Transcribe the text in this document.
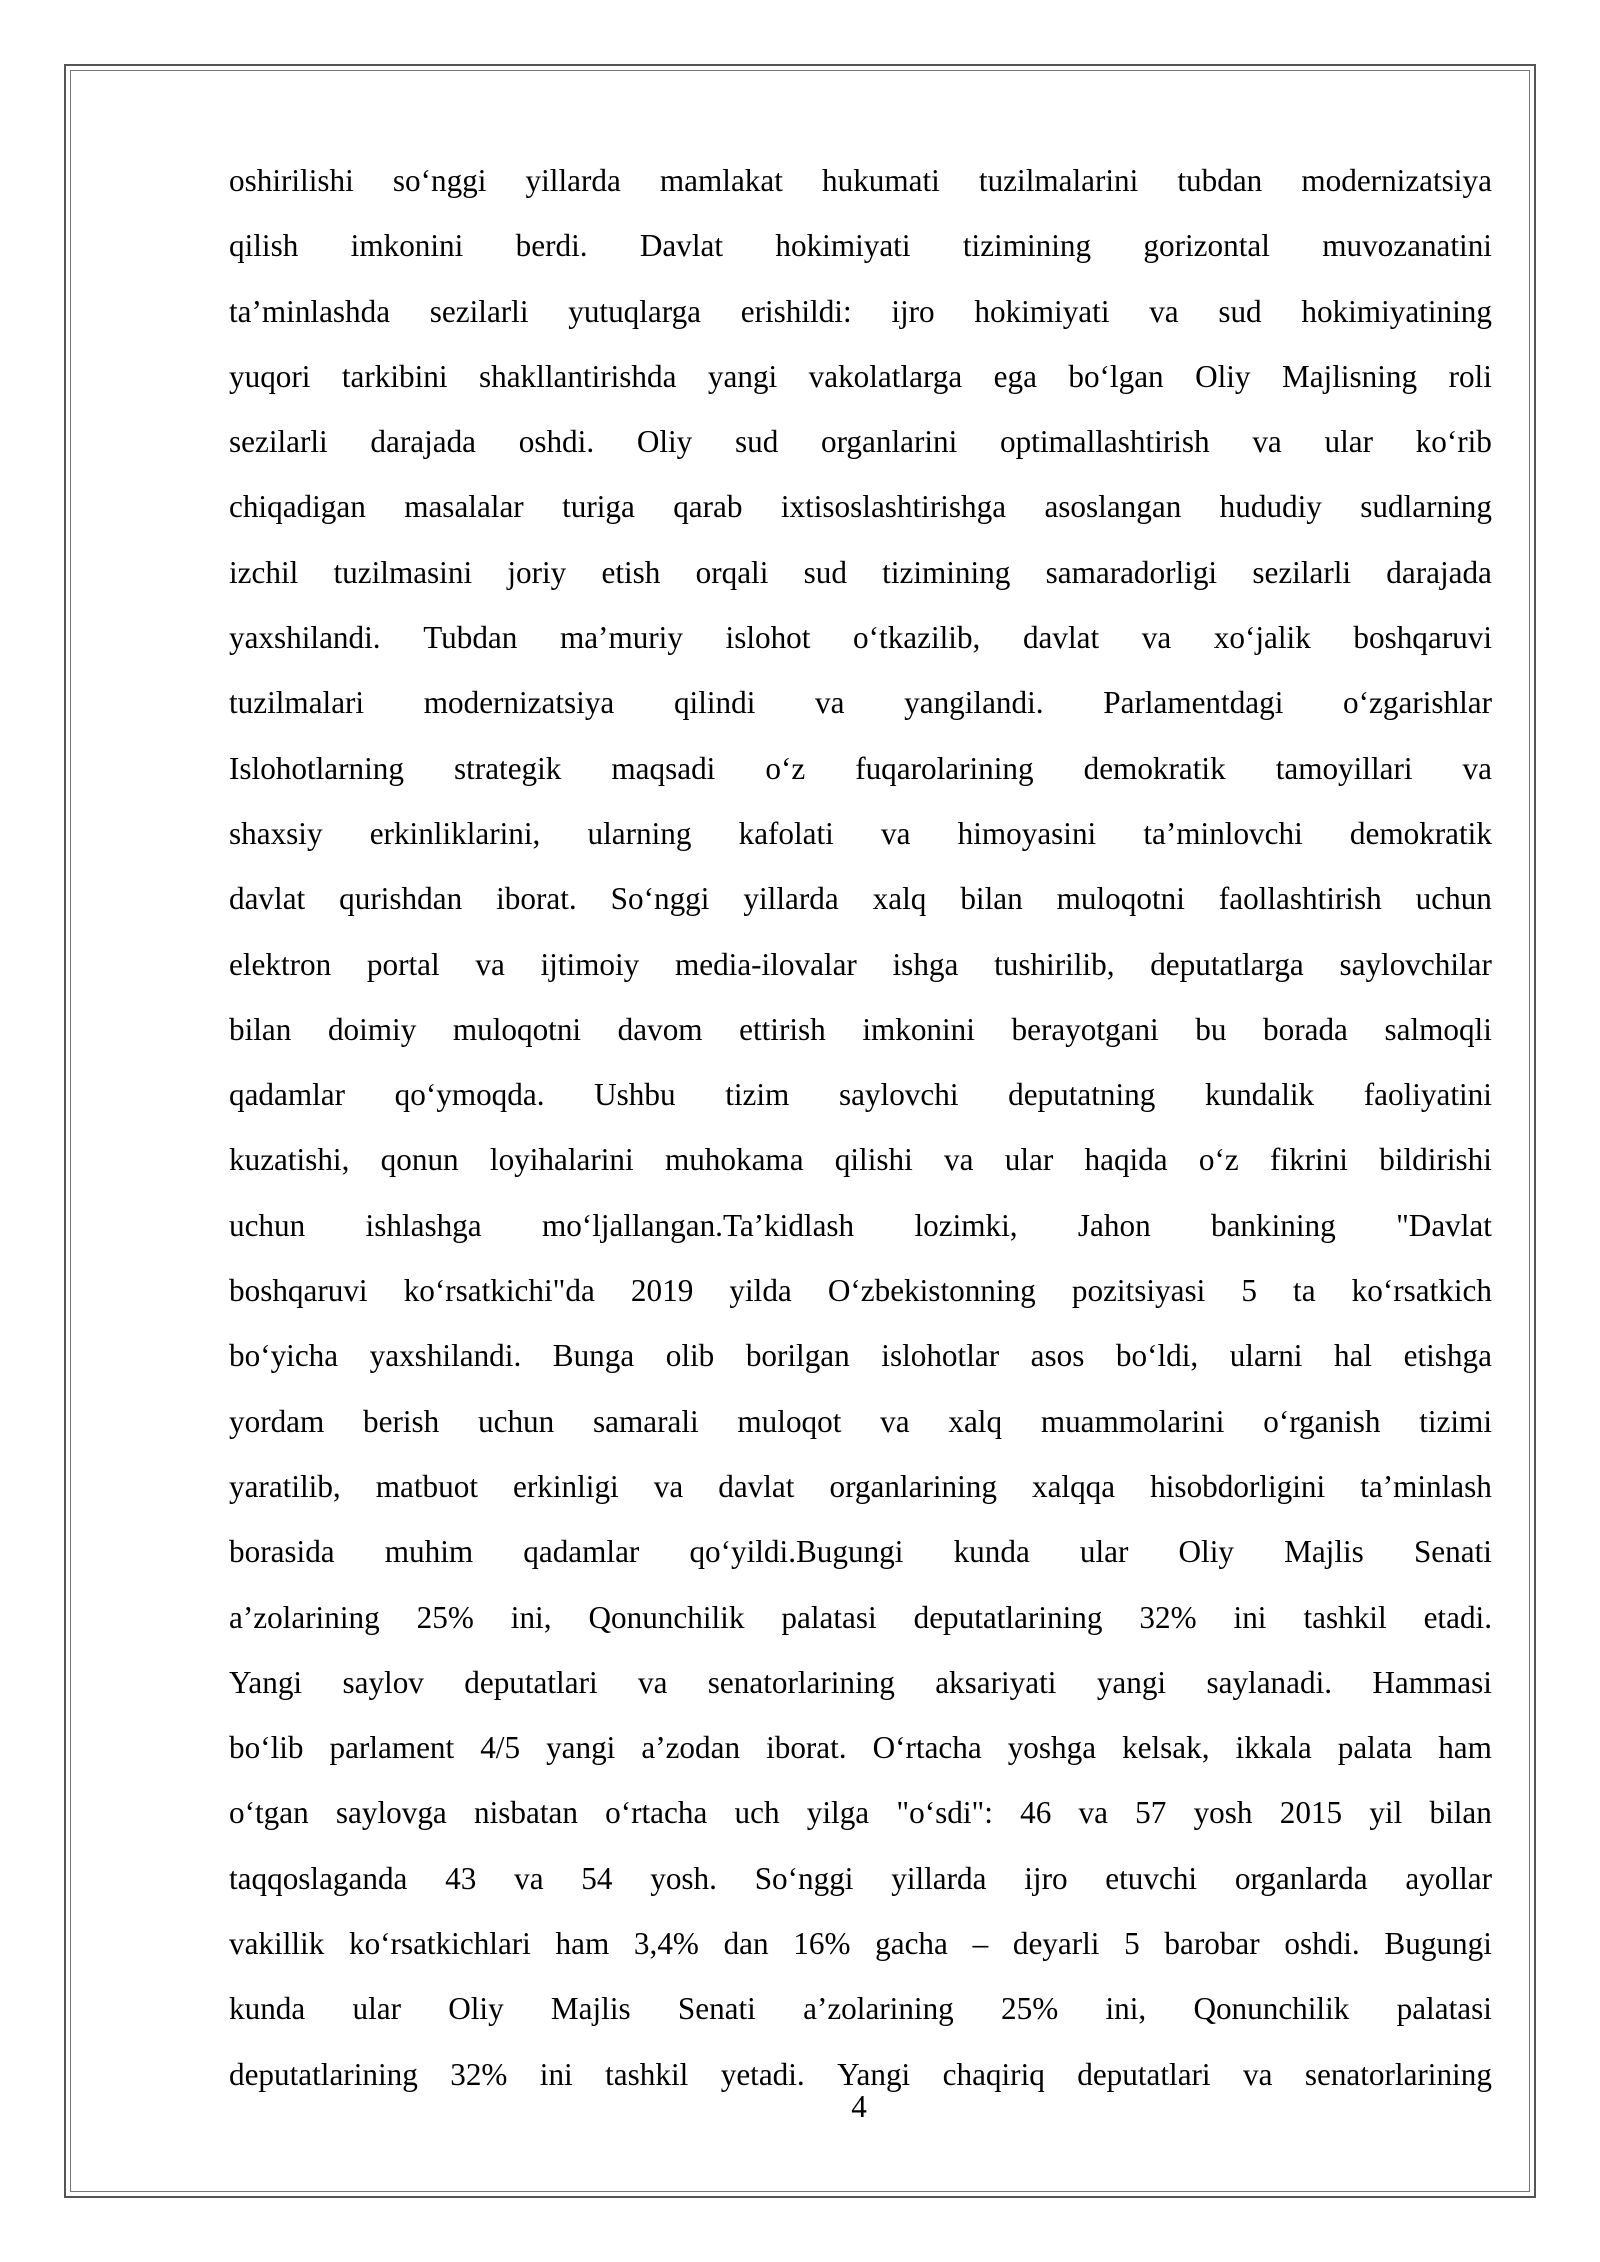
oshirilishi so‘nggi yillarda mamlakat hukumati tuzilmalarini tubdan modernizatsiya
qilish imkonini berdi. Davlat hokimiyati tizimining gorizontal muvozanatini
ta’minlashda sezilarli yutuqlarga erishildi: ijro hokimiyati va sud hokimiyatining
yuqori tarkibini shakllantirishda yangi vakolatlarga ega bo‘lgan Oliy Majlisning roli
sezilarli darajada oshdi. Oliy sud organlarini optimallashtirish va ular ko‘rib
chiqadigan masalalar turiga qarab ixtisoslashtirishga asoslangan hududiy sudlarning
izchil tuzilmasini joriy etish orqali sud tizimining samaradorligi sezilarli darajada
yaxshilandi. Tubdan ma’muriy islohot o‘tkazilib, davlat va xo‘jalik boshqaruvi
tuzilmalari modernizatsiya qilindi va yangilandi. Parlamentdagi o‘zgarishlar
Islohotlarning strategik maqsadi o‘z fuqarolarining demokratik tamoyillari va
shaxsiy erkinliklarini, ularning kafolati va himoyasini ta’minlovchi demokratik
davlat qurishdan iborat. So‘nggi yillarda xalq bilan muloqotni faollashtirish uchun
elektron portal va ijtimoiy media-ilovalar ishga tushirilib, deputatlarga saylovchilar
bilan doimiy muloqotni davom ettirish imkonini berayotgani bu borada salmoqli
qadamlar qo‘ymoqda. Ushbu tizim saylovchi deputatning kundalik faoliyatini
kuzatishi, qonun loyihalarini muhokama qilishi va ular haqida o‘z fikrini bildirishi
uchun ishlashga mo‘ljallangan.Ta’kidlash lozimki, Jahon bankining "Davlat
boshqaruvi ko‘rsatkichi"da 2019 yilda O‘zbekistonning pozitsiyasi 5 ta ko‘rsatkich
bo‘yicha yaxshilandi. Bunga olib borilgan islohotlar asos bo‘ldi, ularni hal etishga
yordam berish uchun samarali muloqot va xalq muammolarini o‘rganish tizimi
yaratilib, matbuot erkinligi va davlat organlarining xalqqa hisobdorligini ta’minlash
borasida muhim qadamlar qo‘yildi.Bugungi kunda ular Oliy Majlis Senati
a’zolarining 25% ini, Qonunchilik palatasi deputatlarining 32% ini tashkil etadi.
Yangi saylov deputatlari va senatorlarining aksariyati yangi saylanadi. Hammasi
bo‘lib parlament 4/5 yangi a’zodan iborat. O‘rtacha yoshga kelsak, ikkala palata ham
o‘tgan saylovga nisbatan o‘rtacha uch yilga "o‘sdi": 46 va 57 yosh 2015 yil bilan
taqqoslaganda 43 va 54 yosh. So‘nggi yillarda ijro etuvchi organlarda ayollar
vakillik ko‘rsatkichlari ham 3,4% dan 16% gacha – deyarli 5 barobar oshdi. Bugungi
kunda ular Oliy Majlis Senati a’zolarining 25% ini, Qonunchilik palatasi
deputatlarining 32% ini tashkil yetadi. Yangi chaqiriq deputatlari va senatorlarining
4
